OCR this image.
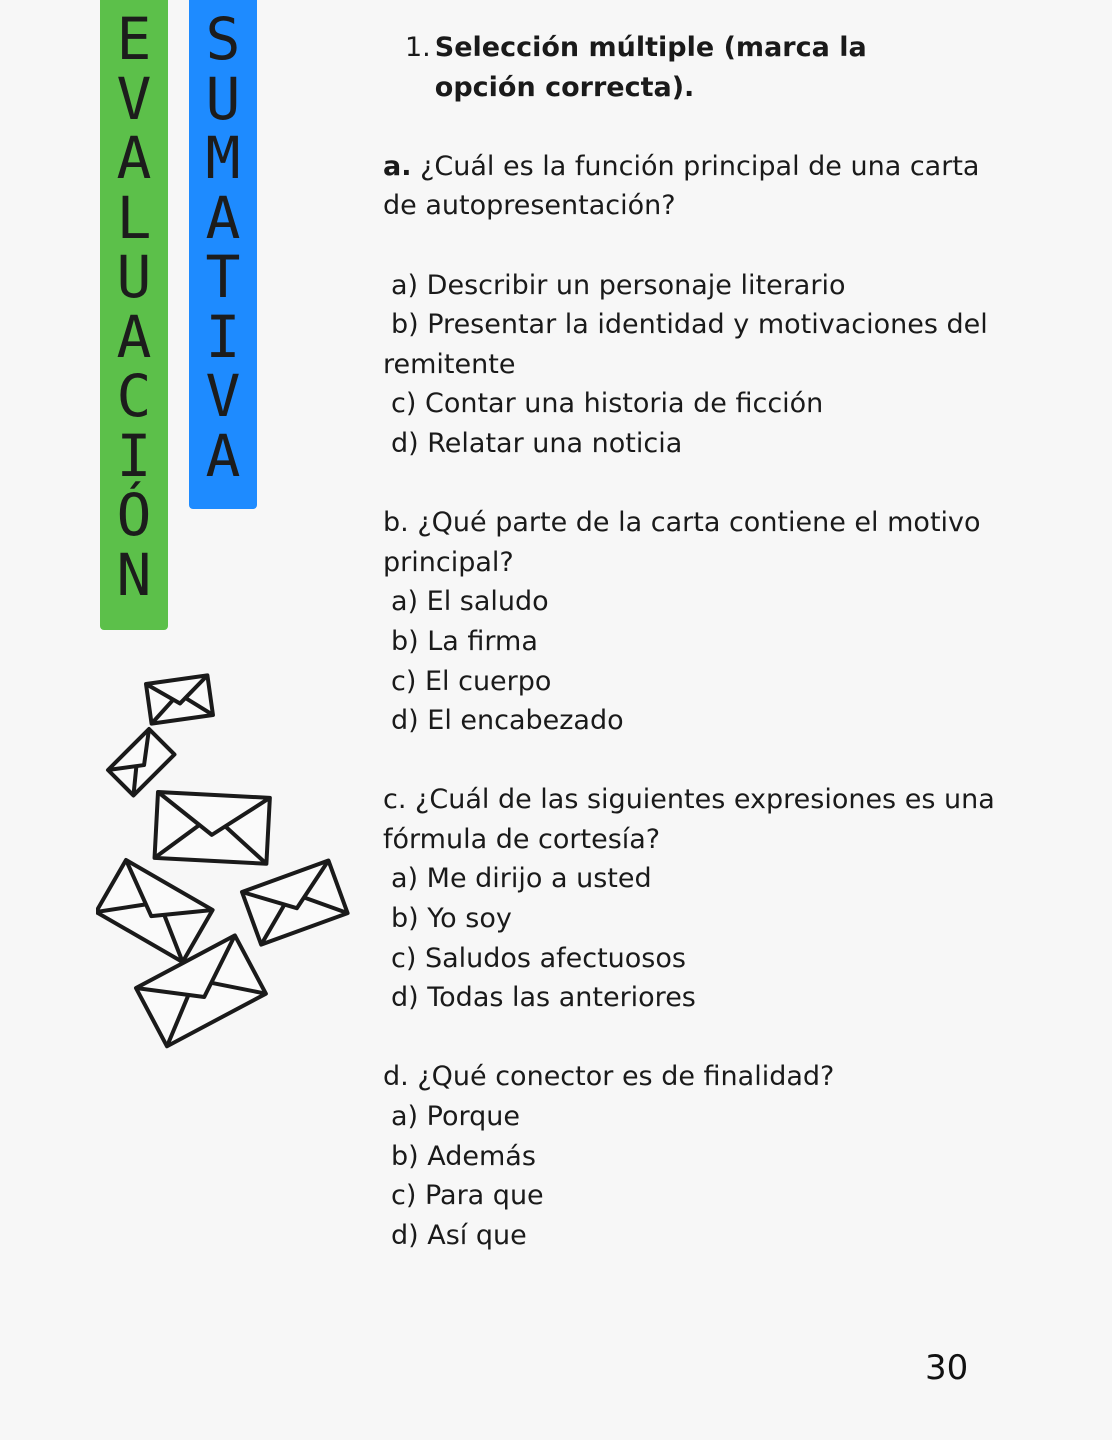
E
V
A
L
U
A
C
I
Ó
N
S
U
M
A
T
I
V
A
1. Selección múltiple (marca la opción correcta).
a. ¿Cuál es la función principal de una carta de autopresentación?
a) Describir un personaje literario
b) Presentar la identidad y motivaciones del remitente
c) Contar una historia de ficción
d) Relatar una noticia
b. ¿Qué parte de la carta contiene el motivo principal?
a) El saludo
b) La firma
c) El cuerpo
d) El encabezado
c. ¿Cuál de las siguientes expresiones es una fórmula de cortesía?
a) Me dirijo a usted
b) Yo soy
c) Saludos afectuosos
d) Todas las anteriores
d. ¿Qué conector es de finalidad?
a) Porque
b) Además
c) Para que
d) Así que
30
